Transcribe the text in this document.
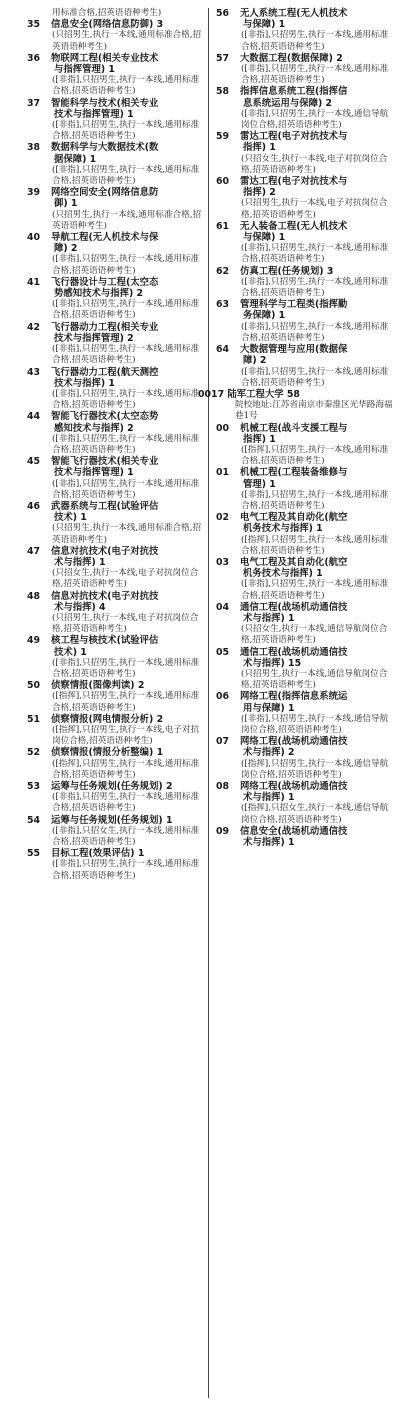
用标准合格,招英语语种考生)
35	信息安全(网络信息防御) 3
(只招男生,执行一本线,通用标准合格,招英语语种考生)
36	物联网工程(相关专业技术
与指挥管理) 1
([非指],只招男生,执行一本线,通用标准合格,招英语语种考生)
37	智能科学与技术(相关专业
技术与指挥管理) 1
([非指],只招男生,执行一本线,通用标准合格,招英语语种考生)
38	数据科学与大数据技术(数
据保障) 1
([非指],只招男生,执行一本线,通用标准合格,招英语语种考生)
39	网络空间安全(网络信息防
御) 1
(只招男生,执行一本线,通用标准合格,招英语语种考生)
40	导航工程(无人机技术与保
障) 2
([非指],只招男生,执行一本线,通用标准合格,招英语语种考生)
41	飞行器设计与工程(太空态
势感知技术与指挥) 2
([非指],只招男生,执行一本线,通用标准合格,招英语语种考生)
42	飞行器动力工程(相关专业
技术与指挥管理) 2
([非指],只招男生,执行一本线,通用标准合格,招英语语种考生)
43	飞行器动力工程(航天测控
技术与指挥) 1
([非指],只招男生,执行一本线,通用标准合格,招英语语种考生)
44	智能飞行器技术(太空态势
感知技术与指挥) 2
([非指],只招男生,执行一本线,通用标准合格,招英语语种考生)
45	智能飞行器技术(相关专业
技术与指挥管理) 1
([非指],只招男生,执行一本线,通用标准合格,招英语语种考生)
46	武器系统与工程(试验评估
技术) 1
(只招男生,执行一本线,通用标准合格,招英语语种考生)
47	信息对抗技术(电子对抗技
术与指挥) 1
(只招女生,执行一本线,电子对抗岗位合格,招英语语种考生)
48	信息对抗技术(电子对抗技
术与指挥) 4
(只招男生,执行一本线,电子对抗岗位合格,招英语语种考生)
49	核工程与核技术(试验评估
技术) 1
([非指],只招男生,执行一本线,通用标准合格,招英语语种考生)
50	侦察情报(图像判读) 2
([指挥],只招男生,执行一本线,通用标准合格,招英语语种考生)
51	侦察情报(网电情报分析) 2
([指挥],只招男生,执行一本线,电子对抗岗位合格,招英语语种考生)
52	侦察情报(情报分析整编) 1
([指挥],只招男生,执行一本线,通用标准合格,招英语语种考生)
53	运筹与任务规划(任务规划) 2
([非指],只招男生,执行一本线,通用标准合格,招英语语种考生)
54	运筹与任务规划(任务规划) 1
([非指],只招女生,执行一本线,通用标准合格,招英语语种考生)
55	目标工程(效果评估) 1
([非指],只招男生,执行一本线,通用标准合格,招英语语种考生)
56	无人系统工程(无人机技术
与保障) 1
([非指],只招男生,执行一本线,通用标准合格,招英语语种考生)
57	大数据工程(数据保障) 2
([非指],只招男生,执行一本线,通用标准合格,招英语语种考生)
58	指挥信息系统工程(指挥信
息系统运用与保障) 2
([非指],只招男生,执行一本线,通信导航岗位合格,招英语语种考生)
59	雷达工程(电子对抗技术与
指挥) 1
(只招女生,执行一本线,电子对抗岗位合格,招英语语种考生)
60	雷达工程(电子对抗技术与
指挥) 2
(只招男生,执行一本线,电子对抗岗位合格,招英语语种考生)
61	无人装备工程(无人机技术
与保障) 1
([非指],只招男生,执行一本线,通用标准合格,招英语语种考生)
62	仿真工程(任务规划) 3
([非指],只招男生,执行一本线,通用标准合格,招英语语种考生)
63	管理科学与工程类(指挥勤
务保障) 1
([非指],只招男生,执行一本线,通用标准合格,招英语语种考生)
64	大数据管理与应用(数据保
障) 2
([非指],只招男生,执行一本线,通用标准合格,招英语语种考生)
0017 陆军工程大学 58
院校地址:江苏省南京市秦淮区光华路海福巷1号
00	机械工程(战斗支援工程与
指挥) 1
([指挥],只招男生,执行一本线,通用标准合格,招英语语种考生)
01	机械工程(工程装备维修与
管理) 1
([非指],只招男生,执行一本线,通用标准合格,招英语语种考生)
02	电气工程及其自动化(航空
机务技术与指挥) 1
([指挥],只招男生,执行一本线,通用标准合格,招英语语种考生)
03	电气工程及其自动化(航空
机务技术与指挥) 1
([非指],只招男生,执行一本线,通用标准合格,招英语语种考生)
04	通信工程(战场机动通信技
术与指挥) 1
(只招女生,执行一本线,通信导航岗位合格,招英语语种考生)
05	通信工程(战场机动通信技
术与指挥) 15
(只招男生,执行一本线,通信导航岗位合格,招英语语种考生)
06	网络工程(指挥信息系统运
用与保障) 1
([非指],只招男生,执行一本线,通信导航岗位合格,招英语语种考生)
07	网络工程(战场机动通信技
术与指挥) 2
([指挥],只招男生,执行一本线,通信导航岗位合格,招英语语种考生)
08	网络工程(战场机动通信技
术与指挥) 1
([指挥],只招女生,执行一本线,通信导航岗位合格,招英语语种考生)
09	信息安全(战场机动通信技
术与指挥) 1
